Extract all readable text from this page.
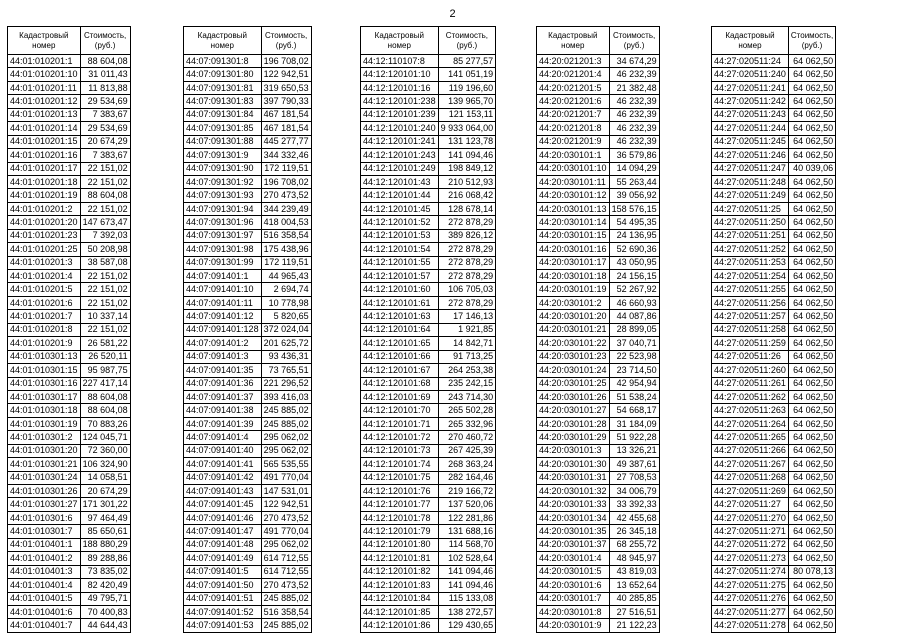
2
Кадастровый номер	Стоимость, (руб.)
44:01:010201:1	88 604,08
44:01:010201:10	31 011,43
44:01:010201:11	11 813,88
44:01:010201:12	29 534,69
44:01:010201:13	7 383,67
44:01:010201:14	29 534,69
44:01:010201:15	20 674,29
44:01:010201:16	7 383,67
44:01:010201:17	22 151,02
44:01:010201:18	22 151,02
44:01:010201:19	88 604,08
44:01:010201:2	22 151,02
44:01:010201:20	147 673,47
44:01:010201:23	7 392,03
44:01:010201:25	50 208,98
44:01:010201:3	38 587,08
44:01:010201:4	22 151,02
44:01:010201:5	22 151,02
44:01:010201:6	22 151,02
44:01:010201:7	10 337,14
44:01:010201:8	22 151,02
44:01:010201:9	26 581,22
44:01:010301:13	26 520,11
44:01:010301:15	95 987,75
44:01:010301:16	227 417,14
44:01:010301:17	88 604,08
44:01:010301:18	88 604,08
44:01:010301:19	70 883,26
44:01:010301:2	124 045,71
44:01:010301:20	72 360,00
44:01:010301:21	106 324,90
44:01:010301:24	14 058,51
44:01:010301:26	20 674,29
44:01:010301:27	171 301,22
44:01:010301:6	97 464,49
44:01:010301:7	85 650,61
44:01:010401:1	188 880,29
44:01:010401:2	89 288,86
44:01:010401:3	73 835,02
44:01:010401:4	82 420,49
44:01:010401:5	49 795,71
44:01:010401:6	70 400,83
44:01:010401:7	44 644,43
Кадастровый номер	Стоимость, (руб.)
44:07:091301:8	196 708,02
44:07:091301:80	122 942,51
44:07:091301:81	319 650,53
44:07:091301:83	397 790,33
44:07:091301:84	467 181,54
44:07:091301:85	467 181,54
44:07:091301:88	445 277,77
44:07:091301:9	344 332,46
44:07:091301:90	172 119,51
44:07:091301:92	196 708,02
44:07:091301:93	270 473,52
44:07:091301:94	344 239,49
44:07:091301:96	418 004,53
44:07:091301:97	516 358,54
44:07:091301:98	175 438,96
44:07:091301:99	172 119,51
44:07:091401:1	44 965,43
44:07:091401:10	2 694,74
44:07:091401:11	10 778,98
44:07:091401:12	5 820,65
44:07:091401:128	372 024,04
44:07:091401:2	201 625,72
44:07:091401:3	93 436,31
44:07:091401:35	73 765,51
44:07:091401:36	221 296,52
44:07:091401:37	393 416,03
44:07:091401:38	245 885,02
44:07:091401:39	245 885,02
44:07:091401:4	295 062,02
44:07:091401:40	295 062,02
44:07:091401:41	565 535,55
44:07:091401:42	491 770,04
44:07:091401:43	147 531,01
44:07:091401:45	122 942,51
44:07:091401:46	270 473,52
44:07:091401:47	491 770,04
44:07:091401:48	295 062,02
44:07:091401:49	614 712,55
44:07:091401:5	614 712,55
44:07:091401:50	270 473,52
44:07:091401:51	245 885,02
44:07:091401:52	516 358,54
44:07:091401:53	245 885,02
Кадастровый номер	Стоимость, (руб.)
44:12:110107:8	85 277,57
44:12:120101:10	141 051,19
44:12:120101:16	119 196,60
44:12:120101:238	139 965,70
44:12:120101:239	121 153,11
44:12:120101:240	9 933 064,00
44:12:120101:241	131 123,78
44:12:120101:243	141 094,46
44:12:120101:249	198 849,12
44:12:120101:43	210 512,93
44:12:120101:44	216 068,42
44:12:120101:45	128 678,14
44:12:120101:52	272 878,29
44:12:120101:53	389 826,12
44:12:120101:54	272 878,29
44:12:120101:55	272 878,29
44:12:120101:57	272 878,29
44:12:120101:60	106 705,03
44:12:120101:61	272 878,29
44:12:120101:63	17 146,13
44:12:120101:64	1 921,85
44:12:120101:65	14 842,71
44:12:120101:66	91 713,25
44:12:120101:67	264 253,38
44:12:120101:68	235 242,15
44:12:120101:69	243 714,30
44:12:120101:70	265 502,28
44:12:120101:71	265 332,96
44:12:120101:72	270 460,72
44:12:120101:73	267 425,39
44:12:120101:74	268 363,24
44:12:120101:75	282 164,46
44:12:120101:76	219 166,72
44:12:120101:77	137 520,06
44:12:120101:78	122 281,86
44:12:120101:79	131 688,16
44:12:120101:80	114 568,70
44:12:120101:81	102 528,64
44:12:120101:82	141 094,46
44:12:120101:83	141 094,46
44:12:120101:84	115 133,08
44:12:120101:85	138 272,57
44:12:120101:86	129 430,65
Кадастровый номер	Стоимость, (руб.)
44:20:021201:3	34 674,29
44:20:021201:4	46 232,39
44:20:021201:5	21 382,48
44:20:021201:6	46 232,39
44:20:021201:7	46 232,39
44:20:021201:8	46 232,39
44:20:021201:9	46 232,39
44:20:030101:1	36 579,86
44:20:030101:10	14 094,29
44:20:030101:11	55 263,44
44:20:030101:12	39 056,92
44:20:030101:13	158 576,15
44:20:030101:14	54 495,35
44:20:030101:15	24 136,95
44:20:030101:16	52 690,36
44:20:030101:17	43 050,95
44:20:030101:18	24 156,15
44:20:030101:19	52 267,92
44:20:030101:2	46 660,93
44:20:030101:20	44 087,86
44:20:030101:21	28 899,05
44:20:030101:22	37 040,71
44:20:030101:23	22 523,98
44:20:030101:24	23 714,50
44:20:030101:25	42 954,94
44:20:030101:26	51 538,24
44:20:030101:27	54 668,17
44:20:030101:28	31 184,09
44:20:030101:29	51 922,28
44:20:030101:3	13 326,21
44:20:030101:30	49 387,61
44:20:030101:31	27 708,53
44:20:030101:32	34 006,79
44:20:030101:33	33 392,33
44:20:030101:34	42 455,68
44:20:030101:35	26 345,18
44:20:030101:37	68 255,72
44:20:030101:4	48 945,97
44:20:030101:5	43 819,03
44:20:030101:6	13 652,64
44:20:030101:7	40 285,85
44:20:030101:8	27 516,51
44:20:030101:9	21 122,23
Кадастровый номер	Стоимость, (руб.)
44:27:020511:24	64 062,50
44:27:020511:240	64 062,50
44:27:020511:241	64 062,50
44:27:020511:242	64 062,50
44:27:020511:243	64 062,50
44:27:020511:244	64 062,50
44:27:020511:245	64 062,50
44:27:020511:246	64 062,50
44:27:020511:247	40 039,06
44:27:020511:248	64 062,50
44:27:020511:249	64 062,50
44:27:020511:25	64 062,50
44:27:020511:250	64 062,50
44:27:020511:251	64 062,50
44:27:020511:252	64 062,50
44:27:020511:253	64 062,50
44:27:020511:254	64 062,50
44:27:020511:255	64 062,50
44:27:020511:256	64 062,50
44:27:020511:257	64 062,50
44:27:020511:258	64 062,50
44:27:020511:259	64 062,50
44:27:020511:26	64 062,50
44:27:020511:260	64 062,50
44:27:020511:261	64 062,50
44:27:020511:262	64 062,50
44:27:020511:263	64 062,50
44:27:020511:264	64 062,50
44:27:020511:265	64 062,50
44:27:020511:266	64 062,50
44:27:020511:267	64 062,50
44:27:020511:268	64 062,50
44:27:020511:269	64 062,50
44:27:020511:27	64 062,50
44:27:020511:270	64 062,50
44:27:020511:271	64 062,50
44:27:020511:272	64 062,50
44:27:020511:273	64 062,50
44:27:020511:274	80 078,13
44:27:020511:275	64 062,50
44:27:020511:276	64 062,50
44:27:020511:277	64 062,50
44:27:020511:278	64 062,50
